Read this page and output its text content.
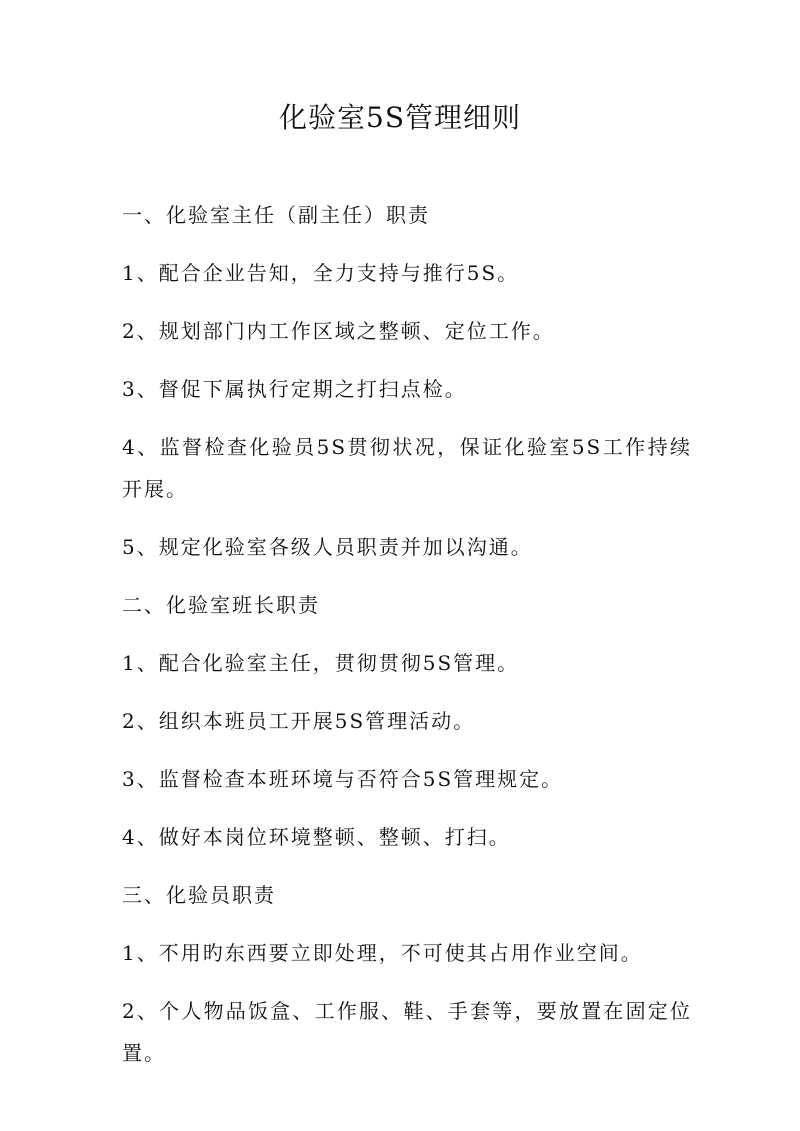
化验室5S管理细则

一、化验室主任（副主任）职责

1、配合企业告知，全力支持与推行5S。

2、规划部门内工作区域之整顿、定位工作。

3、督促下属执行定期之打扫点检。

4、监督检查化验员5S贯彻状况，保证化验室5S工作持续开展。

5、规定化验室各级人员职责并加以沟通。

二、化验室班长职责

1、配合化验室主任，贯彻贯彻5S管理。

2、组织本班员工开展5S管理活动。

3、监督检查本班环境与否符合5S管理规定。

4、做好本岗位环境整顿、整顿、打扫。

三、化验员职责

1、不用旳东西要立即处理，不可使其占用作业空间。

2、个人物品饭盒、工作服、鞋、手套等，要放置在固定位置。
